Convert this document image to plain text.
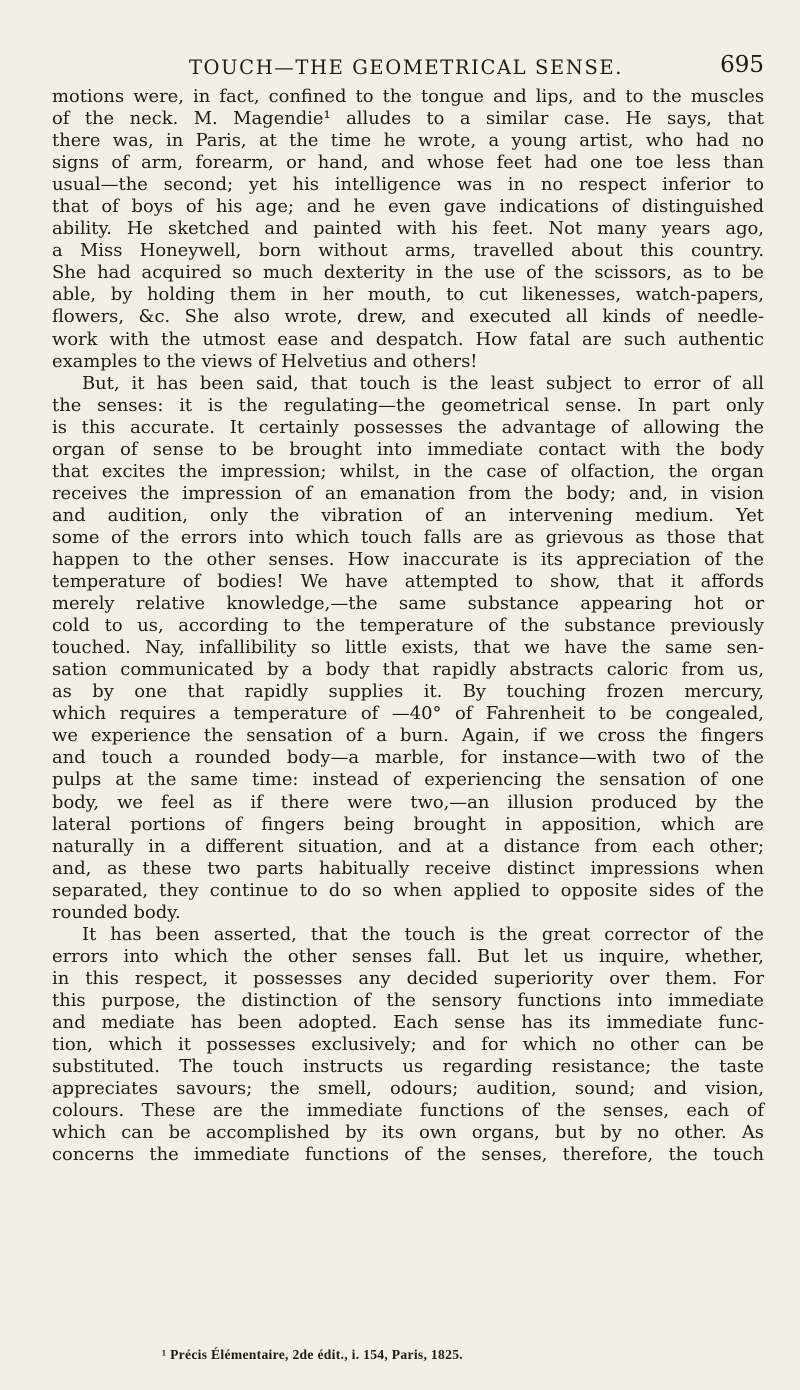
TOUCH—THE GEOMETRICAL SENSE.	695
motions were, in fact, confined to the tongue and lips, and to the muscles
of the neck. M. Magendie¹ alludes to a similar case. He says, that
there was, in Paris, at the time he wrote, a young artist, who had no
signs of arm, forearm, or hand, and whose feet had one toe less than
usual—the second; yet his intelligence was in no respect inferior to
that of boys of his age; and he even gave indications of distinguished
ability. He sketched and painted with his feet. Not many years ago,
a Miss Honeywell, born without arms, travelled about this country.
She had acquired so much dexterity in the use of the scissors, as to be
able, by holding them in her mouth, to cut likenesses, watch-papers,
flowers, &c. She also wrote, drew, and executed all kinds of needle-
work with the utmost ease and despatch. How fatal are such authentic
examples to the views of Helvetius and others!
But, it has been said, that touch is the least subject to error of all
the senses: it is the regulating—the geometrical sense. In part only
is this accurate. It certainly possesses the advantage of allowing the
organ of sense to be brought into immediate contact with the body
that excites the impression; whilst, in the case of olfaction, the organ
receives the impression of an emanation from the body; and, in vision
and audition, only the vibration of an intervening medium. Yet
some of the errors into which touch falls are as grievous as those that
happen to the other senses. How inaccurate is its appreciation of the
temperature of bodies! We have attempted to show, that it affords
merely relative knowledge,—the same substance appearing hot or
cold to us, according to the temperature of the substance previously
touched. Nay, infallibility so little exists, that we have the same sen-
sation communicated by a body that rapidly abstracts caloric from us,
as by one that rapidly supplies it. By touching frozen mercury,
which requires a temperature of —40° of Fahrenheit to be congealed,
we experience the sensation of a burn. Again, if we cross the fingers
and touch a rounded body—a marble, for instance—with two of the
pulps at the same time: instead of experiencing the sensation of one
body, we feel as if there were two,—an illusion produced by the
lateral portions of fingers being brought in apposition, which are
naturally in a different situation, and at a distance from each other;
and, as these two parts habitually receive distinct impressions when
separated, they continue to do so when applied to opposite sides of the
rounded body.
It has been asserted, that the touch is the great corrector of the
errors into which the other senses fall. But let us inquire, whether,
in this respect, it possesses any decided superiority over them. For
this purpose, the distinction of the sensory functions into immediate
and mediate has been adopted. Each sense has its immediate func-
tion, which it possesses exclusively; and for which no other can be
substituted. The touch instructs us regarding resistance; the taste
appreciates savours; the smell, odours; audition, sound; and vision,
colours. These are the immediate functions of the senses, each of
which can be accomplished by its own organs, but by no other. As
concerns the immediate functions of the senses, therefore, the touch
¹ Précis Élémentaire, 2de édit., i. 154, Paris, 1825.
